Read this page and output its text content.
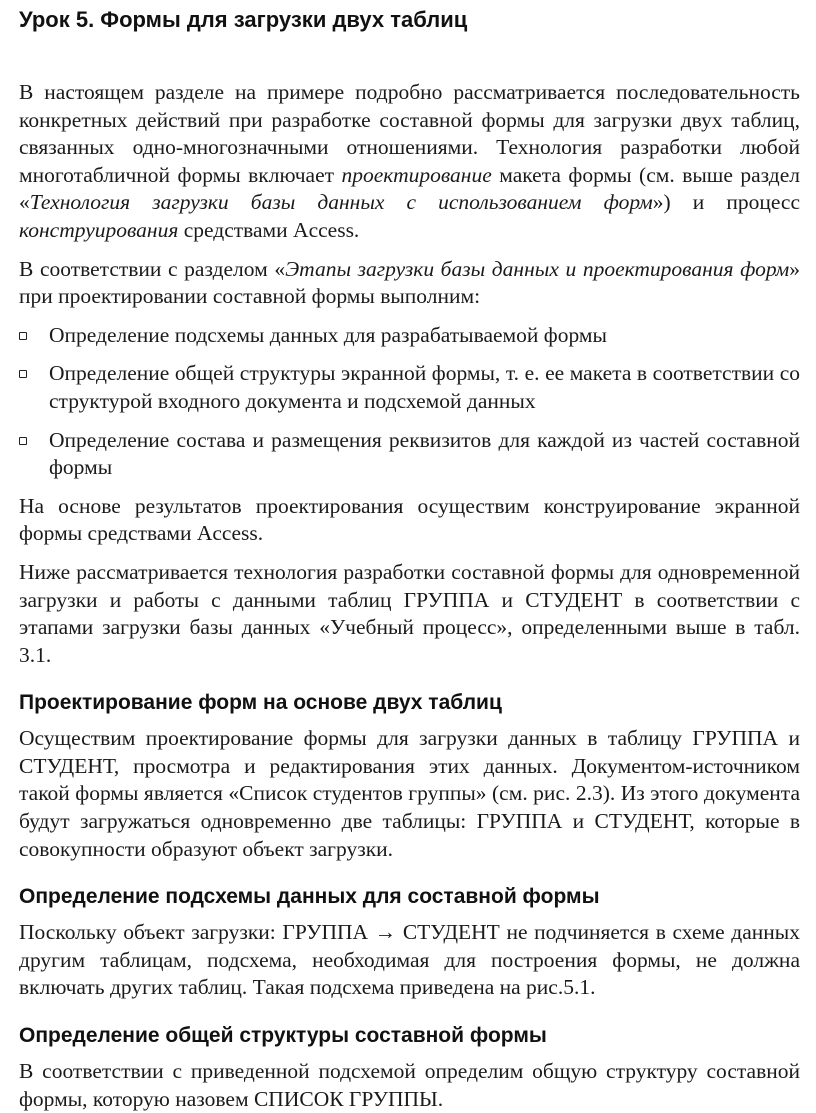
Урок 5. Формы для загрузки двух таблиц

В настоящем разделе на примере подробно рассматривается последовательность конкретных действий при разработке составной формы для загрузки двух таблиц, связанных одно-многозначными отношениями. Технология разработки любой многотабличной формы включает проектирование макета формы (см. выше раздел «Технология загрузки базы данных с использованием форм») и процесс конструирования средствами Access.

В соответствии с разделом «Этапы загрузки базы данных и проектирования форм» при проектировании составной формы выполним:

Определение подсхемы данных для разрабатываемой формы
Определение общей структуры экранной формы, т. е. ее макета в соответствии со структурой входного документа и подсхемой данных
Определение состава и размещения реквизитов для каждой из частей составной формы

На основе результатов проектирования осуществим конструирование экранной формы средствами Access.

Ниже рассматривается технология разработки составной формы для одновременной загрузки и работы с данными таблиц ГРУППА и СТУДЕНТ в соответствии с этапами загрузки базы данных «Учебный процесс», определенными выше в табл. 3.1.

Проектирование форм на основе двух таблиц

Осуществим проектирование формы для загрузки данных в таблицу ГРУППА и СТУДЕНТ, просмотра и редактирования этих данных. Документом-источником такой формы является «Список студентов группы» (см. рис. 2.3). Из этого документа будут загружаться одновременно две таблицы: ГРУППА и СТУДЕНТ, которые в совокупности образуют объект загрузки.

Определение подсхемы данных для составной формы

Поскольку объект загрузки: ГРУППА → СТУДЕНТ не подчиняется в схеме данных другим таблицам, подсхема, необходимая для построения формы, не должна включать других таблиц. Такая подсхема приведена на рис.5.1.

Определение общей структуры составной формы

В соответствии с приведенной подсхемой определим общую структуру составной формы, которую назовем СПИСОК ГРУППЫ.
